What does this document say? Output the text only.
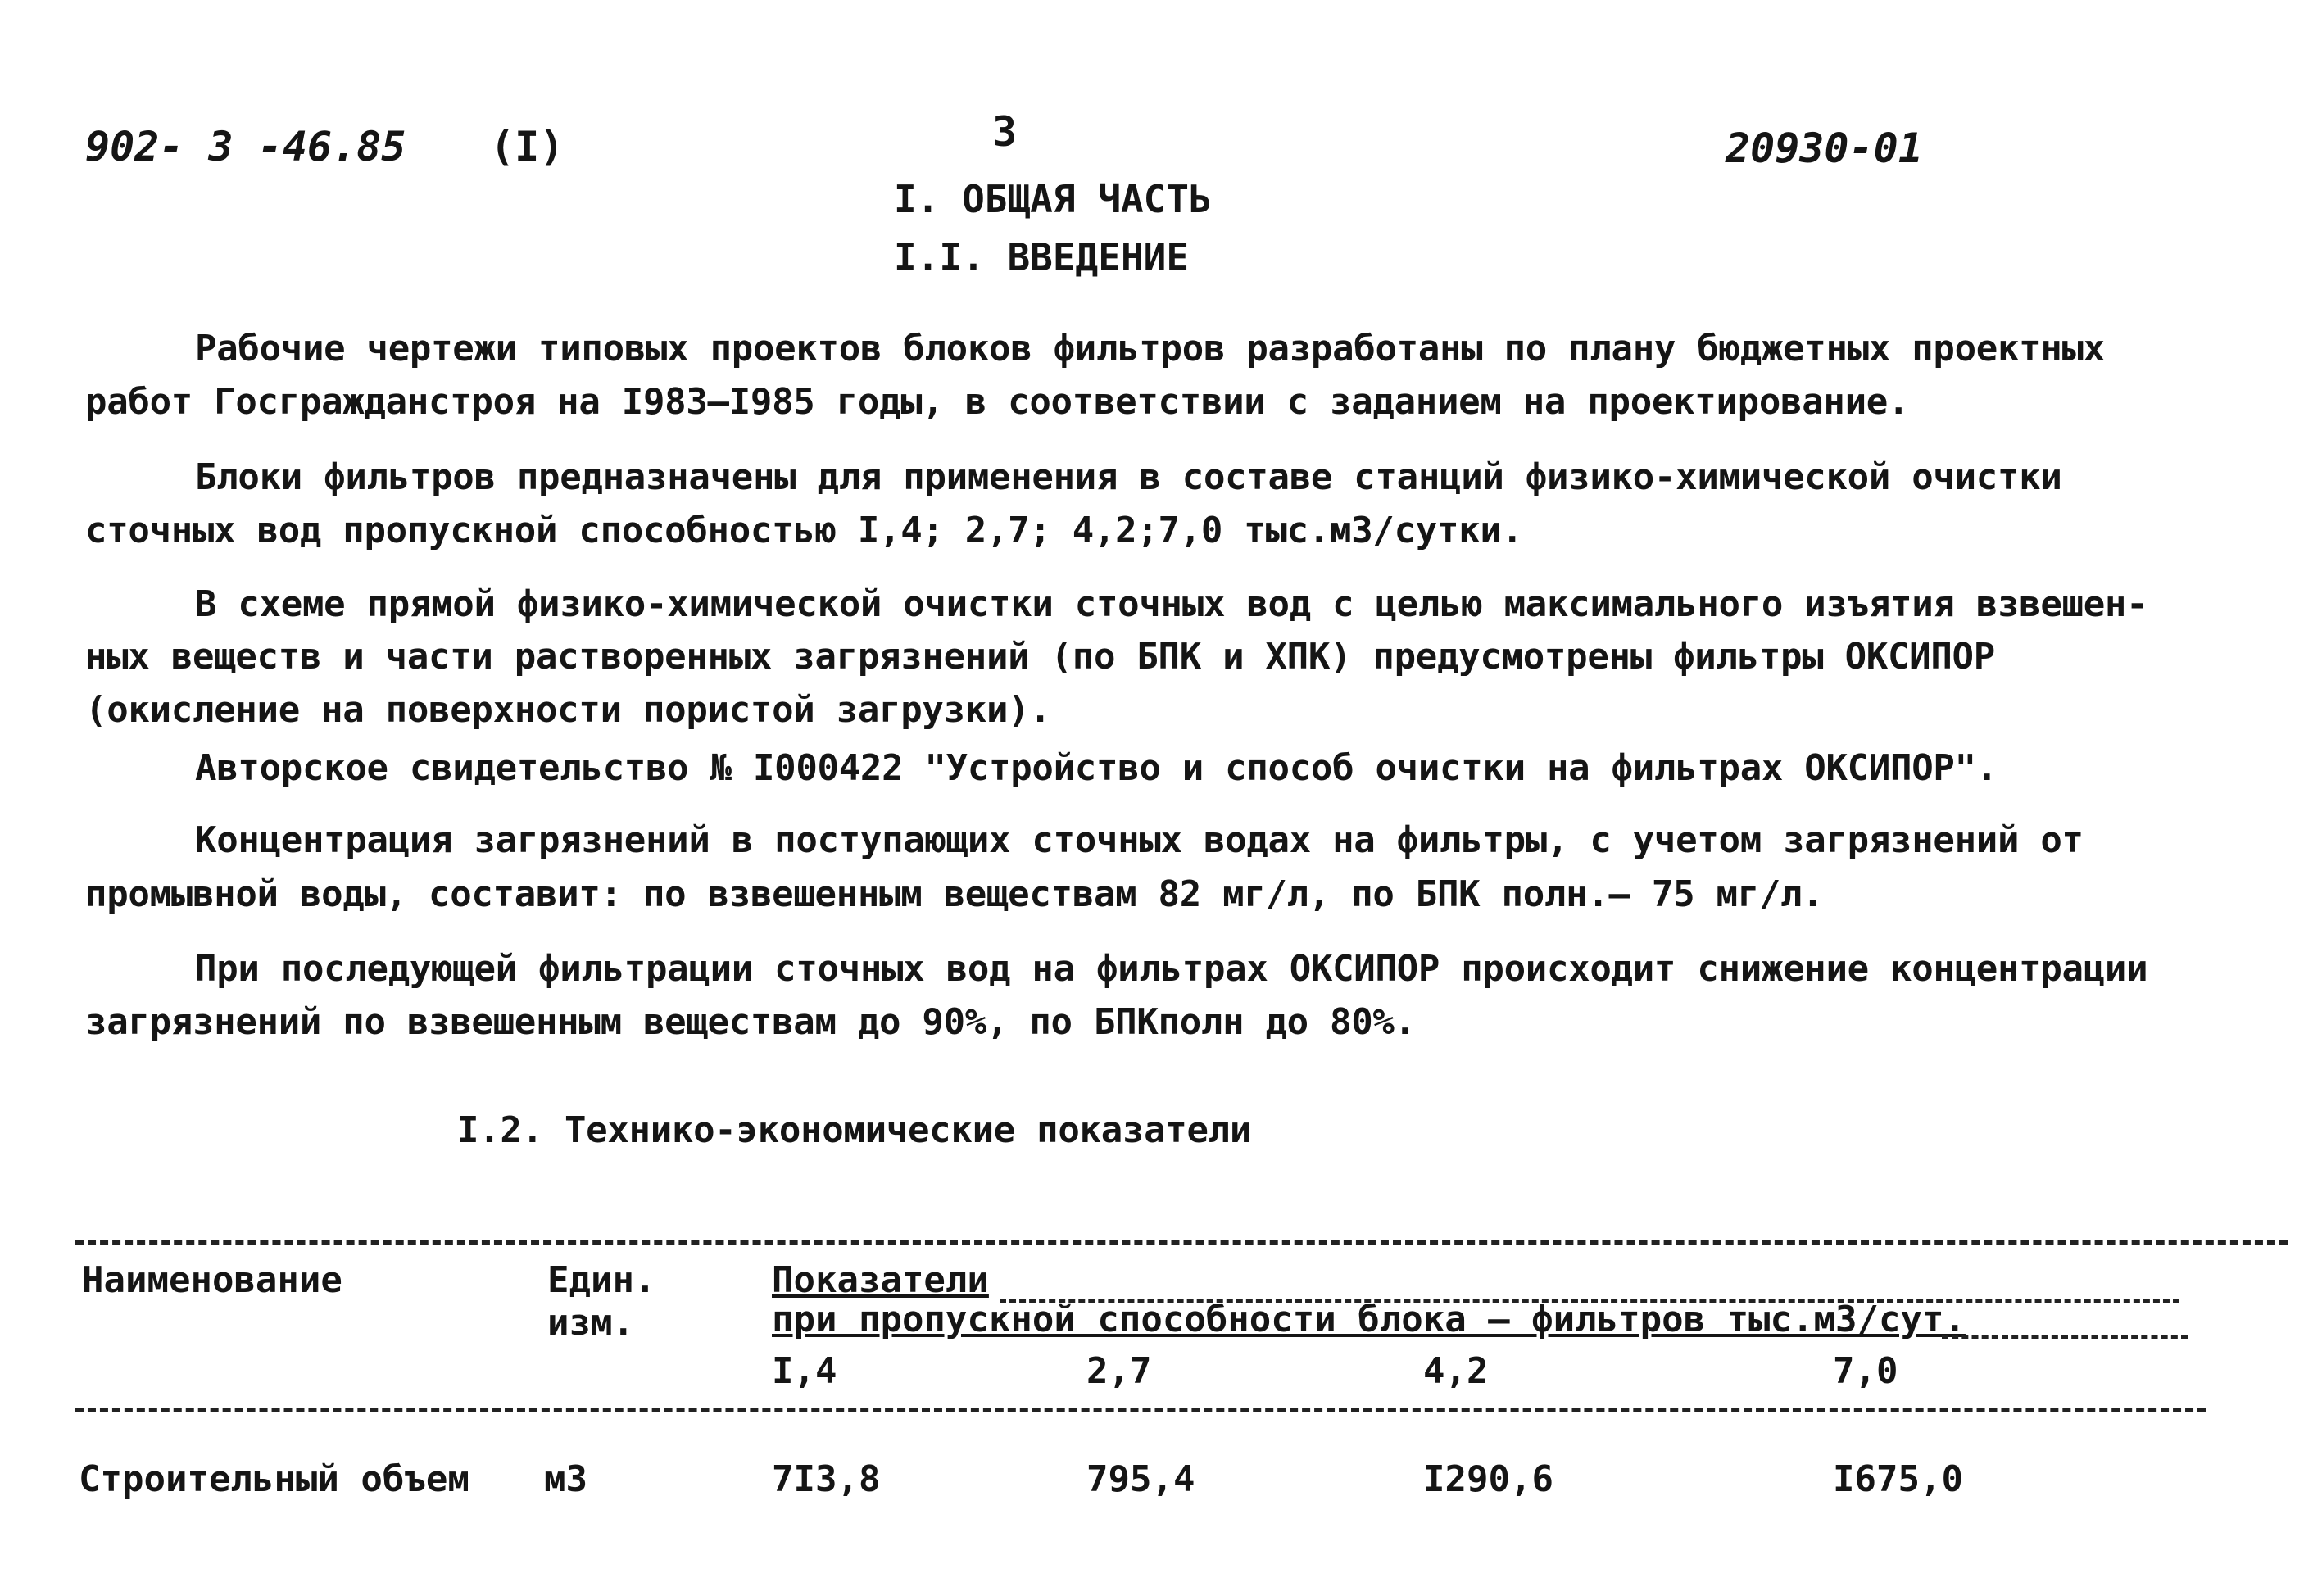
902- 3 -46.85 (I)	3	20930-01
I. ОБЩАЯ ЧАСТЬ
I.I. ВВЕДЕНИЕ
Рабочие чертежи типовых проектов блоков фильтров разработаны по плану бюджетных проектных
работ Госгражданстроя на I983–I985 годы, в соответствии с заданием на проектирование.
Блоки фильтров предназначены для применения в составе станций физико-химической очистки
сточных вод пропускной способностью I,4; 2,7; 4,2;7,0 тыс.м3/сутки.
В схеме прямой физико-химической очистки сточных вод с целью максимального изъятия взвешен-
ных веществ и части растворенных загрязнений (по БПК и ХПК) предусмотрены фильтры ОКСИПОР
(окисление на поверхности пористой загрузки).
Авторское свидетельство № I000422 "Устройство и способ очистки на фильтрах ОКСИПОР".
Концентрация загрязнений в поступающих сточных водах на фильтры, с учетом загрязнений от
промывной воды, составит: по взвешенным веществам 82 мг/л, по БПК полн.– 75 мг/л.
При последующей фильтрации сточных вод на фильтрах ОКСИПОР происходит снижение концентрации
загрязнений по взвешенным веществам до 90%, по БПКполн до 80%.
I.2. Технико-экономические показатели
Наименование	Един.
изм.
Показатели
при пропускной способности блока – фильтров тыс.м3/сут.
I,4	2,7	4,2	7,0
Строительный объем м3	7I3,8	795,4	I290,6	I675,0
